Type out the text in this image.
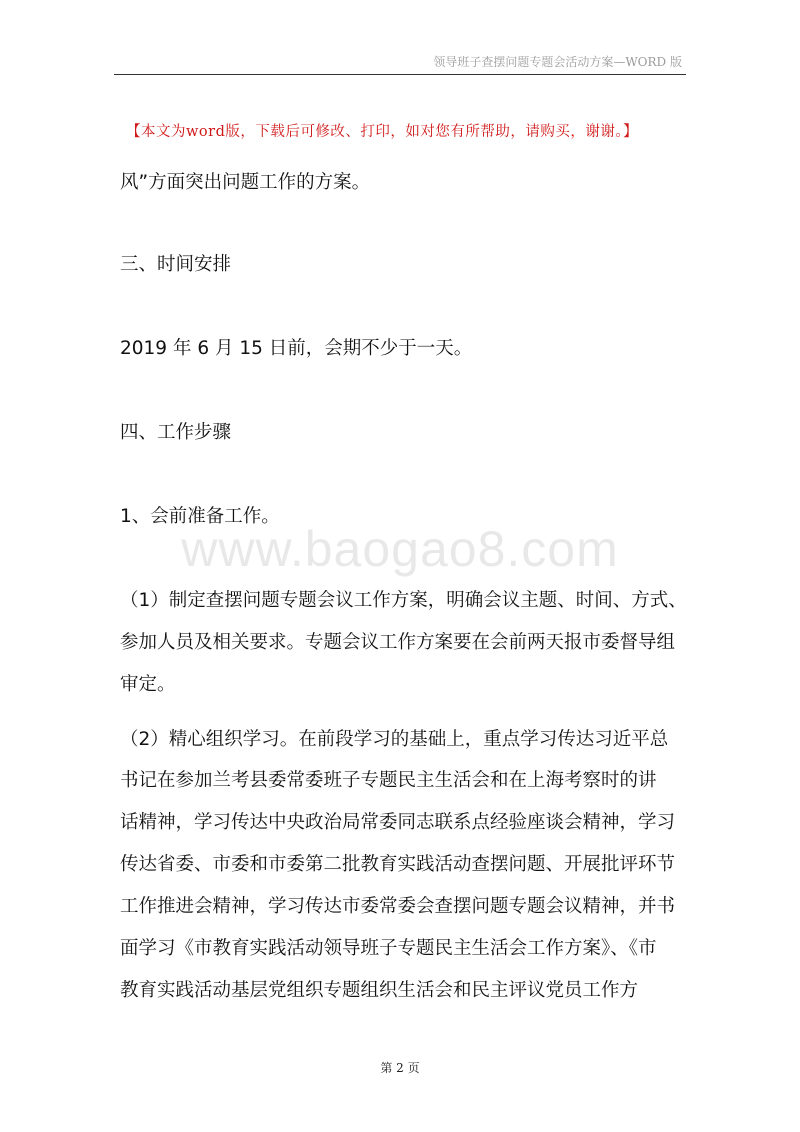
领导班子查摆问题专题会活动方案—WORD 版
【本文为word版，下载后可修改、打印，如对您有所帮助，请购买，谢谢。】
www.baogao8.com

风”方面突出问题工作的方案。

三、时间安排

2019 年 6 月 15 日前，会期不少于一天。

四、工作步骤

1、会前准备工作。

（1）制定查摆问题专题会议工作方案，明确会议主题、时间、方式、

参加人员及相关要求。专题会议工作方案要在会前两天报市委督导组

审定。

（2）精心组织学习。在前段学习的基础上，重点学习传达习近平总

书记在参加兰考县委常委班子专题民主生活会和在上海考察时的讲

话精神，学习传达中央政治局常委同志联系点经验座谈会精神，学习

传达省委、市委和市委第二批教育实践活动查摆问题、开展批评环节

工作推进会精神，学习传达市委常委会查摆问题专题会议精神，并书

面学习《市教育实践活动领导班子专题民主生活会工作方案》、《市

教育实践活动基层党组织专题组织生活会和民主评议党员工作方

第 2 页
